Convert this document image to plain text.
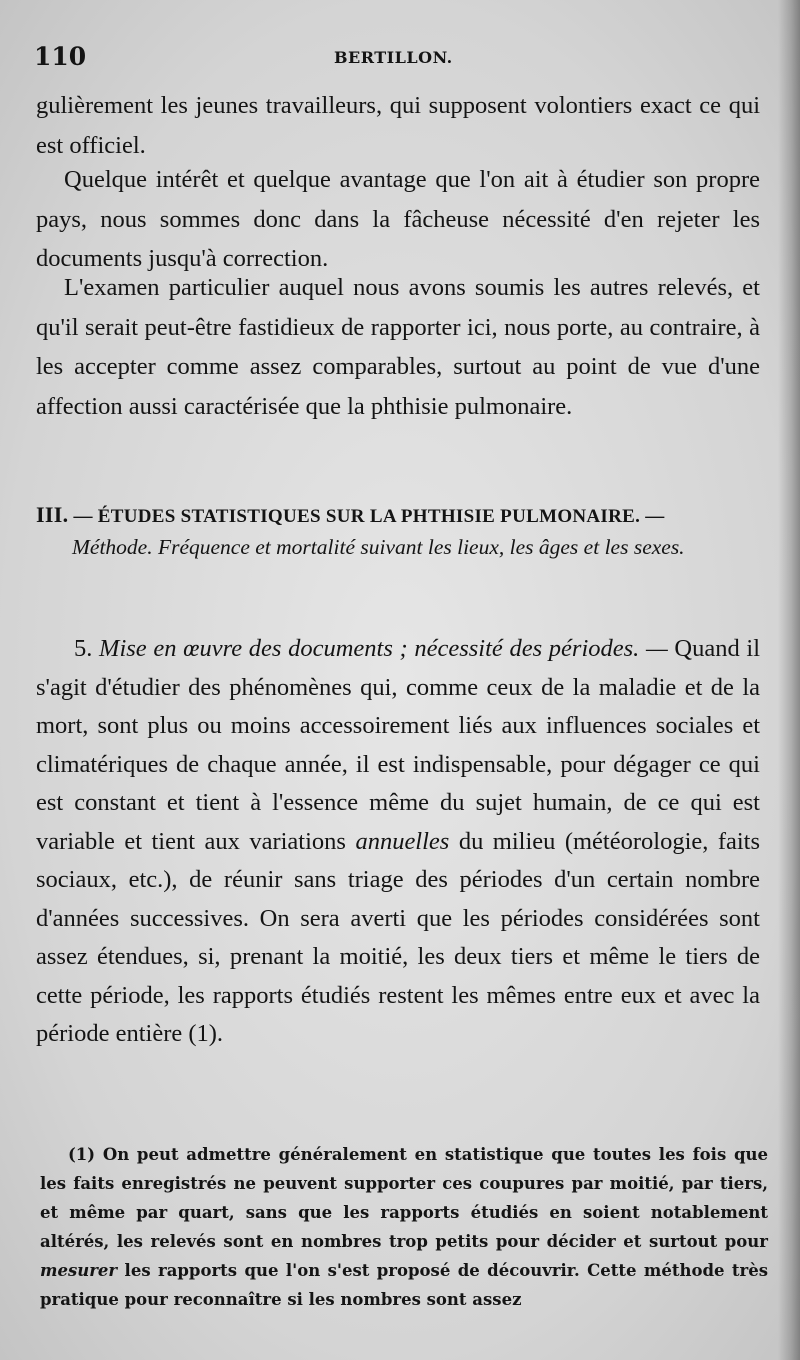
110	BERTILLON.

gulièrement les jeunes travailleurs, qui supposent volontiers exact ce qui est officiel.

Quelque intérêt et quelque avantage que l'on ait à étudier son propre pays, nous sommes donc dans la fâcheuse nécessité d'en rejeter les documents jusqu'à correction.

L'examen particulier auquel nous avons soumis les autres relevés, et qu'il serait peut-être fastidieux de rapporter ici, nous porte, au contraire, à les accepter comme assez comparables, surtout au point de vue d'une affection aussi caractérisée que la phthisie pulmonaire.

III. — ÉTUDES STATISTIQUES SUR LA PHTHISIE PULMONAIRE. —
Méthode. Fréquence et mortalité suivant les lieux, les âges et les sexes.
5. Mise en œuvre des documents ; nécessité des périodes. — Quand il s'agit d'étudier des phénomènes qui, comme ceux de la maladie et de la mort, sont plus ou moins accessoirement liés aux influences sociales et climatériques de chaque année, il est indispensable, pour dégager ce qui est constant et tient à l'essence même du sujet humain, de ce qui est variable et tient aux variations annuelles du milieu (météorologie, faits sociaux, etc.), de réunir sans triage des périodes d'un certain nombre d'années successives. On sera averti que les périodes considérées sont assez étendues, si, prenant la moitié, les deux tiers et même le tiers de cette période, les rapports étudiés restent les mêmes entre eux et avec la période entière (1).

(1) On peut admettre généralement en statistique que toutes les fois que les faits enregistrés ne peuvent supporter ces coupures par moitié, par tiers, et même par quart, sans que les rapports étudiés en soient notablement altérés, les relevés sont en nombres trop petits pour décider et surtout pour mesurer les rapports que l'on s'est proposé de découvrir. Cette méthode très pratique pour reconnaître si les nombres sont assez
